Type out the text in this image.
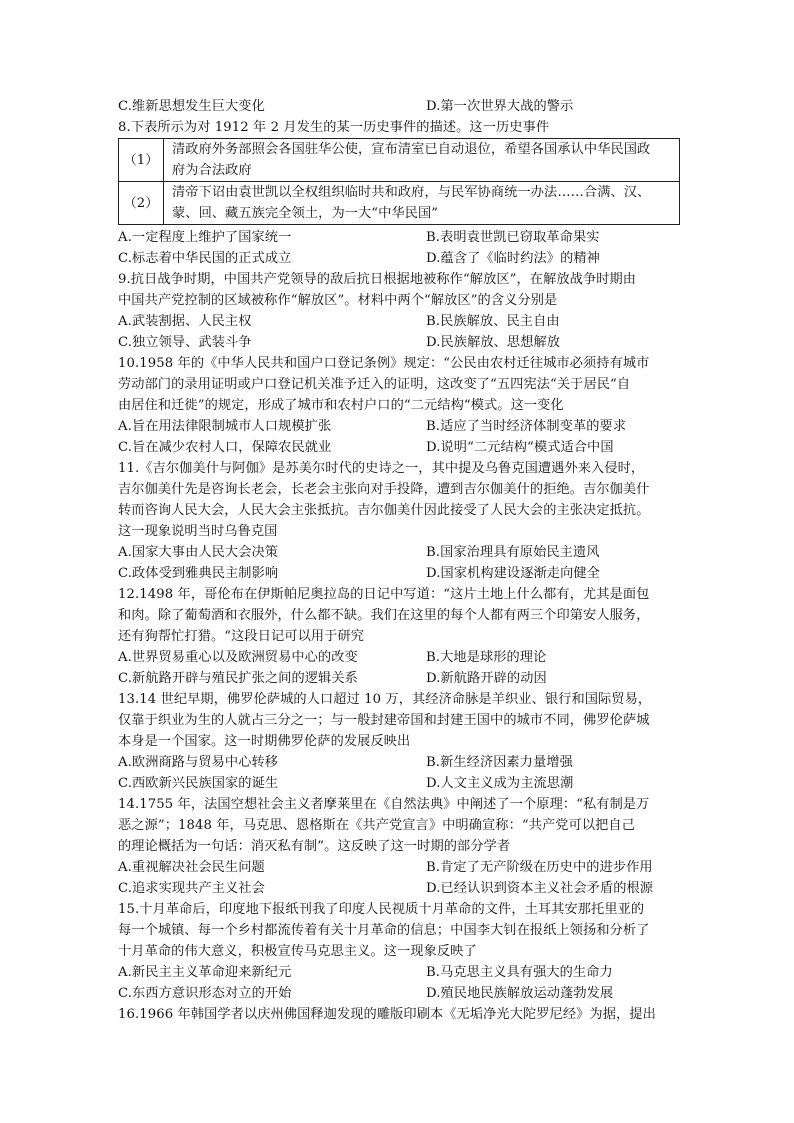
C.维新思想发生巨大变化	D.第一次世界大战的警示
8.下表所示为对 1912 年 2 月发生的某一历史事件的描述。这一历史事件
（1）	清政府外务部照会各国驻华公使，宣布清室已自动退位，希望各国承认中华民国政
府为合法政府

（2）	清帝下诏由袁世凯以全权组织临时共和政府，与民军协商统一办法……合满、汉、
蒙、回、藏五族完全领土，为一大“中华民国”
A.一定程度上维护了国家统一	B.表明袁世凯已窃取革命果实
C.标志着中华民国的正式成立	D.蕴含了《临时约法》的精神
9.抗日战争时期，中国共产党领导的敌后抗日根据地被称作“解放区”，在解放战争时期由
中国共产党控制的区域被称作“解放区”。材料中两个“解放区”的含义分别是
A.武装割据、人民主权	B.民族解放、民主自由
C.独立领导、武装斗争	D.民族解放、思想解放
10.1958 年的《中华人民共和国户口登记条例》规定：“公民由农村迁往城市必须持有城市
劳动部门的录用证明或户口登记机关准予迁入的证明，这改变了“五四宪法“关于居民“自
由居住和迁徙”的规定，形成了城市和农村户口的“二元结构“模式。这一变化
A.旨在用法律限制城市人口规模扩张	B.适应了当时经济体制变革的要求
C.旨在减少农村人口，保障农民就业	D.说明“二元结构“模式适合中国
11.《吉尔伽美什与阿伽》是苏美尔时代的史诗之一，其中提及乌鲁克国遭遇外来入侵时，
吉尔伽美什先是咨询长老会，长老会主张向对手投降，遭到吉尔伽美什的拒绝。吉尔伽美什
转而咨询人民大会，人民大会主张抵抗。吉尔伽美什因此接受了人民大会的主张决定抵抗。
这一现象说明当时乌鲁克国
A.国家大事由人民大会决策	B.国家治理具有原始民主遗风
C.政体受到雅典民主制影响	D.国家机构建设逐渐走向健全
12.1498 年，哥伦布在伊斯帕尼奥拉岛的日记中写道：“这片土地上什么都有，尤其是面包
和肉。除了葡萄酒和衣服外，什么都不缺。我们在这里的每个人都有两三个印第安人服务，
还有狗帮忙打猎。“这段日记可以用于研究
A.世界贸易重心以及欧洲贸易中心的改变	B.大地是球形的理论
C.新航路开辟与殖民扩张之间的逻辑关系	D.新航路开辟的动因
13.14 世纪早期，佛罗伦萨城的人口超过 10 万，其经济命脉是羊织业、银行和国际贸易，
仅靠于织业为生的人就占三分之一；与一般封建帝国和封建王国中的城市不同，佛罗伦萨城
本身是一个国家。这一时期佛罗伦萨的发展反映出
A.欧洲商路与贸易中心转移	B.新生经济因素力量增强
C.西欧新兴民族国家的诞生	D.人文主义成为主流思潮
14.1755 年，法国空想社会主义者摩莱里在《自然法典》中阐述了一个原理：“私有制是万
恶之源”；1848 年，马克思、恩格斯在《共产党宣言》中明确宣称：“共产党可以把自己
的理论概括为一句话：消灭私有制”。这反映了这一时期的部分学者
A.重视解决社会民生问题	B.肯定了无产阶级在历史中的进步作用
C.追求实现共产主义社会	D.已经认识到资本主义社会矛盾的根源
15.十月革命后，印度地下报纸刊我了印度人民视质十月革命的文件，土耳其安那托里亚的
每一个城镇、每一个乡村都流传着有关十月革命的信息；中国李大钊在报纸上领扬和分析了
十月革命的伟大意义，积极宣传马克思主义。这一现象反映了
A.新民主主义革命迎来新纪元	B.马克思主义具有强大的生命力
C.东西方意识形态对立的开始	D.殖民地民族解放运动蓬勃发展
16.1966 年韩国学者以庆州佛国释迦发现的雕版印刷本《无垢净光大陀罗尼经》为据，提出
